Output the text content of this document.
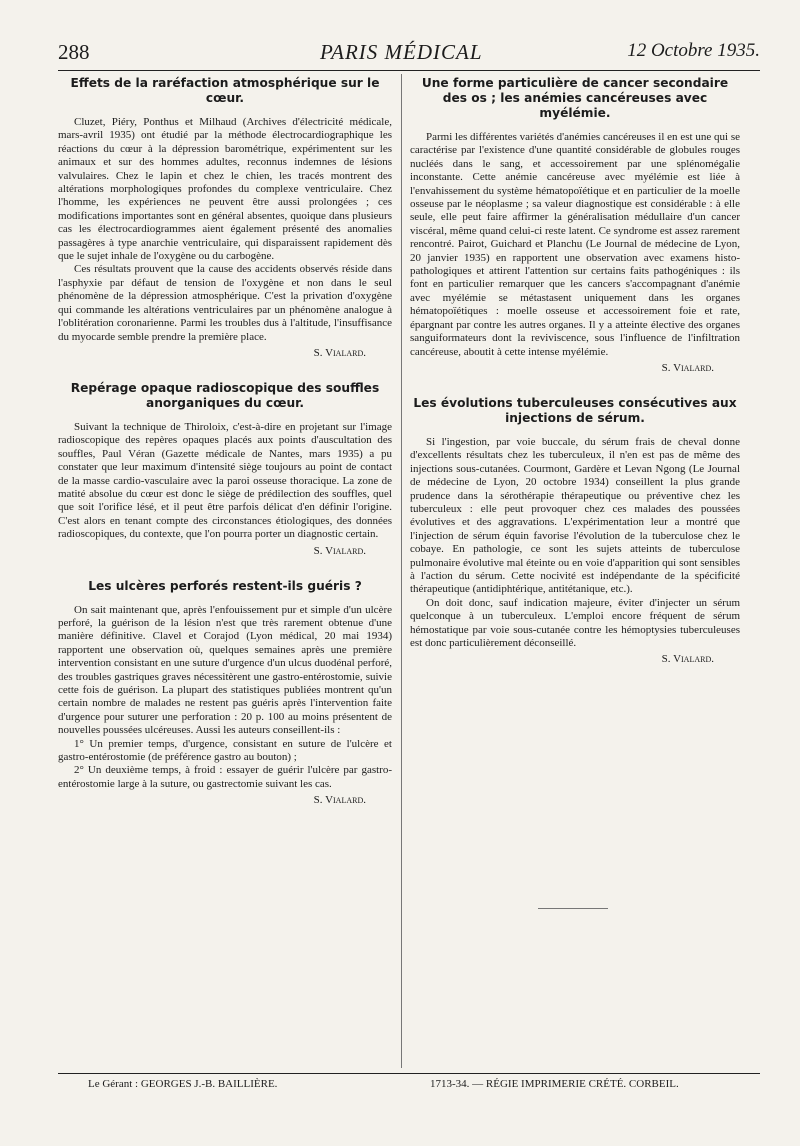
288	PARIS MÉDICAL	12 Octobre 1935.
Effets de la raréfaction atmosphérique sur le cœur.

Cluzet, Piéry, Ponthus et Milhaud (Archives d'électricité médicale, mars-avril 1935) ont étudié par la méthode électrocardiographique les réactions du cœur à la dépression barométrique, expérimentent sur les animaux et sur des hommes adultes, reconnus indemnes de lésions valvulaires. Chez le lapin et chez le chien, les tracés montrent des altérations morphologiques profondes du complexe ventriculaire. Chez l'homme, les expériences ne peuvent être aussi prolongées ; ces modifications importantes sont en général absentes, quoique dans plusieurs cas les électrocardiogrammes aient également présenté des anomalies passagères à type anarchie ventriculaire, qui disparaissent rapidement dès que le sujet inhale de l'oxygène ou du carbogène.

Ces résultats prouvent que la cause des accidents observés réside dans l'asphyxie par défaut de tension de l'oxygène et non dans le seul phénomène de la dépression atmosphérique. C'est la privation d'oxygène qui commande les altérations ventriculaires par un phénomène analogue à l'oblitération coronarienne. Parmi les troubles dus à l'altitude, l'insuffisance du myocarde semble prendre la première place.

S. Vialard.
Repérage opaque radioscopique des souffles anorganiques du cœur.

Suivant la technique de Thiroloix, c'est-à-dire en projetant sur l'image radioscopique des repères opaques placés aux points d'auscultation des souffles, Paul Véran (Gazette médicale de Nantes, mars 1935) a pu constater que leur maximum d'intensité siège toujours au point de contact de la masse cardio-vasculaire avec la paroi osseuse thoracique. La zone de matité absolue du cœur est donc le siège de prédilection des souffles, quel que soit l'orifice lésé, et il peut être parfois délicat d'en définir l'origine. C'est alors en tenant compte des circonstances étiologiques, des données radioscopiques, du contexte, que l'on pourra porter un diagnostic certain.

S. Vialard.
Les ulcères perforés restent-ils guéris ?

On sait maintenant que, après l'enfouissement pur et simple d'un ulcère perforé, la guérison de la lésion n'est que très rarement obtenue d'une manière définitive. Clavel et Corajod (Lyon médical, 20 mai 1934) rapportent une observation où, quelques semaines après une première intervention consistant en une suture d'urgence d'un ulcus duodénal perforé, des troubles gastriques graves nécessitèrent une gastro-entérostomie, suivie cette fois de guérison. La plupart des statistiques publiées montrent qu'un certain nombre de malades ne restent pas guéris après l'intervention faite d'urgence pour suturer une perforation : 20 p. 100 au moins présentent de nouvelles poussées ulcéreuses. Aussi les auteurs conseillent-ils :

1° Un premier temps, d'urgence, consistant en suture de l'ulcère et gastro-entérostomie (de préférence gastro au bouton) ;

2° Un deuxième temps, à froid : essayer de guérir l'ulcère par gastro-entérostomie large à la suture, ou gastrectomie suivant les cas.

S. Vialard.
Une forme particulière de cancer secondaire des os ; les anémies cancéreuses avec myélémie.

Parmi les différentes variétés d'anémies cancéreuses il en est une qui se caractérise par l'existence d'une quantité considérable de globules rouges nucléés dans le sang, et accessoirement par une splénomégalie inconstante. Cette anémie cancéreuse avec myélémie est liée à l'envahissement du système hématopoïétique et en particulier de la moelle osseuse par le néoplasme ; sa valeur diagnostique est considérable : à elle seule, elle peut faire affirmer la généralisation médullaire d'un cancer viscéral, même quand celui-ci reste latent. Ce syndrome est assez rarement rencontré. Pairot, Guichard et Planchu (Le Journal de médecine de Lyon, 20 janvier 1935) en rapportent une observation avec examens histo-pathologiques et attirent l'attention sur certains faits pathogéniques : ils font en particulier remarquer que les cancers s'accompagnant d'anémie avec myélémie se métastasent uniquement dans les organes hématopoïétiques : moelle osseuse et accessoirement foie et rate, épargnant par contre les autres organes. Il y a atteinte élective des organes sanguiformateurs dont la reviviscence, sous l'influence de l'infiltration cancéreuse, aboutit à cette intense myélémie.

S. Vialard.
Les évolutions tuberculeuses consécutives aux injections de sérum.

Si l'ingestion, par voie buccale, du sérum frais de cheval donne d'excellents résultats chez les tuberculeux, il n'en est pas de même des injections sous-cutanées. Courmont, Gardère et Levan Ngong (Le Journal de médecine de Lyon, 20 octobre 1934) conseillent la plus grande prudence dans la sérothérapie thérapeutique ou préventive chez les tuberculeux : elle peut provoquer chez ces malades des poussées évolutives et des aggravations. L'expérimentation leur a montré que l'injection de sérum équin favorise l'évolution de la tuberculose chez le cobaye. En pathologie, ce sont les sujets atteints de tuberculose pulmonaire évolutive mal éteinte ou en voie d'apparition qui sont sensibles à l'action du sérum. Cette nocivité est indépendante de la spécificité thérapeutique (antidiphtérique, antitétanique, etc.).

On doit donc, sauf indication majeure, éviter d'injecter un sérum quelconque à un tuberculeux. L'emploi encore fréquent de sérum hémostatique par voie sous-cutanée contre les hémoptysies tuberculeuses est donc particulièrement déconseillé.

S. Vialard.
Le Gérant : GEORGES J.-B. BAILLIÈRE.	1713-34. — RÉGIE IMPRIMERIE CRÉTÉ. CORBEIL.
